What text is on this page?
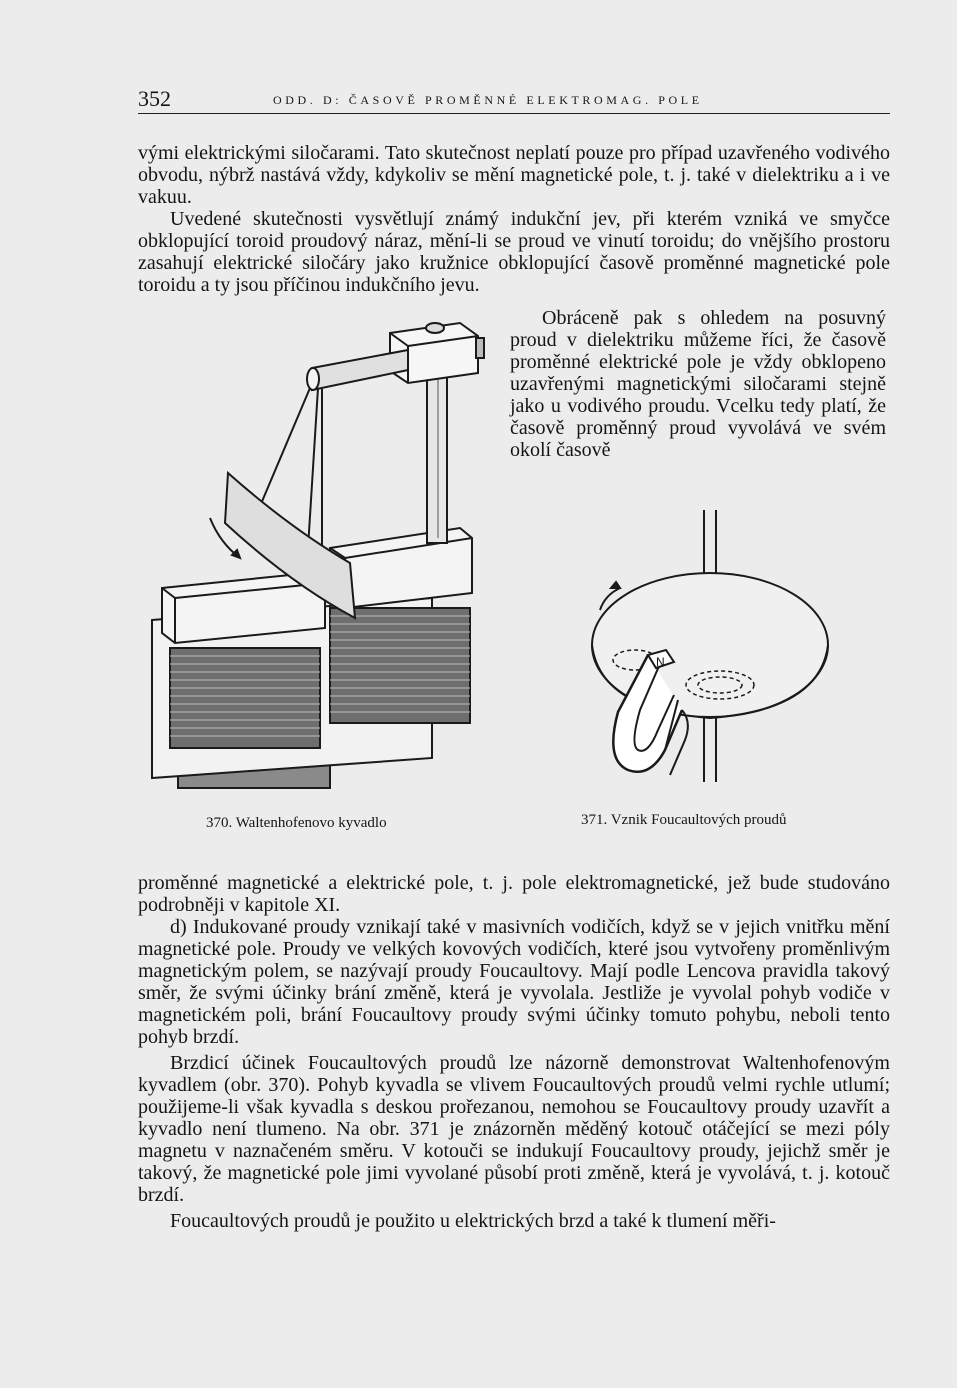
352	ODD. D: ČASOVĚ PROMĚNNÉ ELEKTROMAG. POLE

vými elektrickými siločarami. Tato skutečnost neplatí pouze pro případ uzavřeného vodivého obvodu, nýbrž nastává vždy, kdykoliv se mění magnetické pole, t. j. také v dielektriku a i ve vakuu.

Uvedené skutečnosti vysvětlují známý indukční jev, při kterém vzniká ve smyčce obklopující toroid proudový náraz, mění-li se proud ve vinutí toroidu; do vnějšího prostoru zasahují elektrické siločáry jako kružnice obklopující časově proměnné magnetické pole toroidu a ty jsou příčinou indukčního jevu.

Obráceně pak s ohledem na posuvný proud v dielektriku můžeme říci, že časově proměnné elektrické pole je vždy obklopeno uzavřenými magnetickými siločarami stejně jako u vodivého proudu. Vcelku tedy platí, že časově proměnný proud vyvolává ve svém okolí časově

370. Waltenhofenovo kyvadlo
N
371. Vznik Foucaultových proudů

proměnné magnetické a elektrické pole, t. j. pole elektromagnetické, jež bude studováno podrobněji v kapitole XI.

d) Indukované proudy vznikají také v masivních vodičích, když se v jejich vnitřku mění magnetické pole. Proudy ve velkých kovových vodičích, které jsou vytvořeny proměnlivým magnetickým polem, se nazývají proudy Foucaultovy. Mají podle Lencova pravidla takový směr, že svými účinky brání změně, která je vyvolala. Jestliže je vyvolal pohyb vodiče v magnetickém poli, brání Foucaultovy proudy svými účinky tomuto pohybu, neboli tento pohyb brzdí.

Brzdicí účinek Foucaultových proudů lze názorně demonstrovat Waltenhofenovým kyvadlem (obr. 370). Pohyb kyvadla se vlivem Foucaultových proudů velmi rychle utlumí; použijeme-li však kyvadla s deskou prořezanou, nemohou se Foucaultovy proudy uzavřít a kyvadlo není tlumeno. Na obr. 371 je znázorněn měděný kotouč otáčející se mezi póly magnetu v naznačeném směru. V kotouči se indukují Foucaultovy proudy, jejichž směr je takový, že magnetické pole jimi vyvolané působí proti změně, která je vyvolává, t. j. kotouč brzdí.

Foucaultových proudů je použito u elektrických brzd a také k tlumení měři-
